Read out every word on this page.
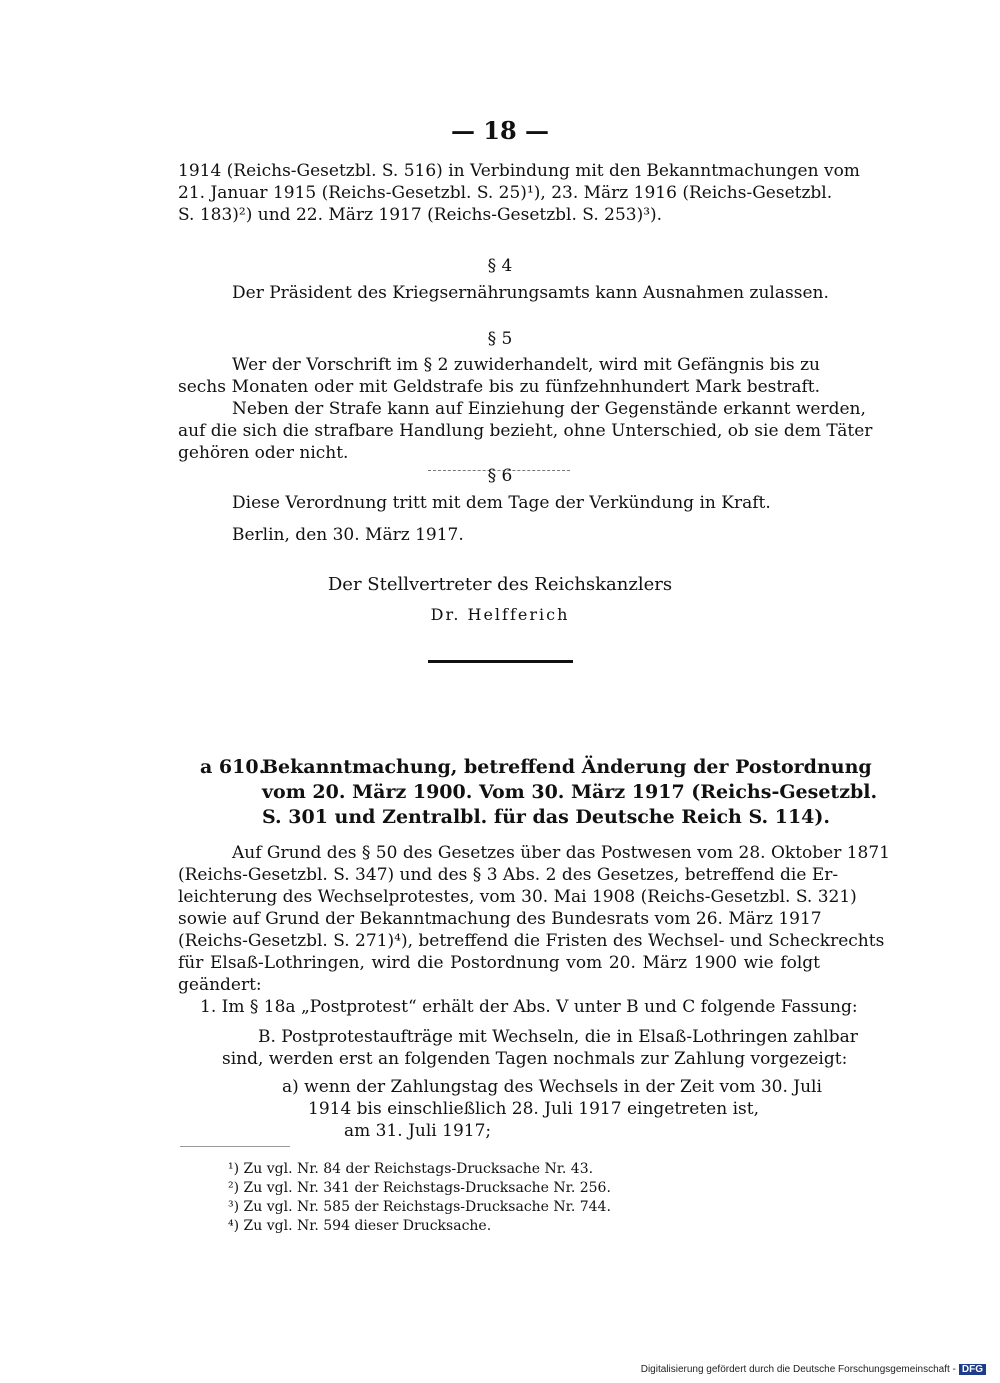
— 18 —
1914 (Reichs-Gesetzbl. S. 516) in Verbindung mit den Bekanntmachungen vom
21. Januar 1915 (Reichs-Gesetzbl. S. 25)¹), 23. März 1916 (Reichs-Gesetzbl.
S. 183)²) und 22. März 1917 (Reichs-Gesetzbl. S. 253)³).
§ 4
Der Präsident des Kriegsernährungsamts kann Ausnahmen zulassen.
§ 5
Wer der Vorschrift im § 2 zuwiderhandelt, wird mit Gefängnis bis zu
sechs Monaten oder mit Geldstrafe bis zu fünfzehnhundert Mark bestraft.
Neben der Strafe kann auf Einziehung der Gegenstände erkannt werden,
auf die sich die strafbare Handlung bezieht, ohne Unterschied, ob sie dem Täter
gehören oder nicht.
§ 6
Diese Verordnung tritt mit dem Tage der Verkündung in Kraft.
Berlin, den 30. März 1917.
Der Stellvertreter des Reichskanzlers
Dr. Helfferich
a 610.
Bekanntmachung, betreffend Änderung der Postordnung
vom 20. März 1900. Vom 30. März 1917 (Reichs-Gesetzbl.
S. 301 und Zentralbl. für das Deutsche Reich S. 114).
Auf Grund des § 50 des Gesetzes über das Postwesen vom 28. Oktober 1871
(Reichs-Gesetzbl. S. 347) und des § 3 Abs. 2 des Gesetzes, betreffend die Er-
leichterung des Wechselprotestes, vom 30. Mai 1908 (Reichs-Gesetzbl. S. 321)
sowie auf Grund der Bekanntmachung des Bundesrats vom 26. März 1917
(Reichs-Gesetzbl. S. 271)⁴), betreffend die Fristen des Wechsel- und Scheckrechts
für Elsaß-Lothringen, wird die Postordnung vom 20. März 1900 wie folgt
geändert:
1. Im § 18a „Postprotest“ erhält der Abs. V unter B und C folgende Fassung:
B. Postprotestaufträge mit Wechseln, die in Elsaß-Lothringen zahlbar
sind, werden erst an folgenden Tagen nochmals zur Zahlung vorgezeigt:
a) wenn der Zahlungstag des Wechsels in der Zeit vom 30. Juli
1914 bis einschließlich 28. Juli 1917 eingetreten ist,
am 31. Juli 1917;
¹) Zu vgl. Nr. 84 der Reichstags-Drucksache Nr. 43.
²) Zu vgl. Nr. 341 der Reichstags-Drucksache Nr. 256.
³) Zu vgl. Nr. 585 der Reichstags-Drucksache Nr. 744.
⁴) Zu vgl. Nr. 594 dieser Drucksache.
Digitalisierung gefördert durch die Deutsche Forschungsgemeinschaft - DFG
